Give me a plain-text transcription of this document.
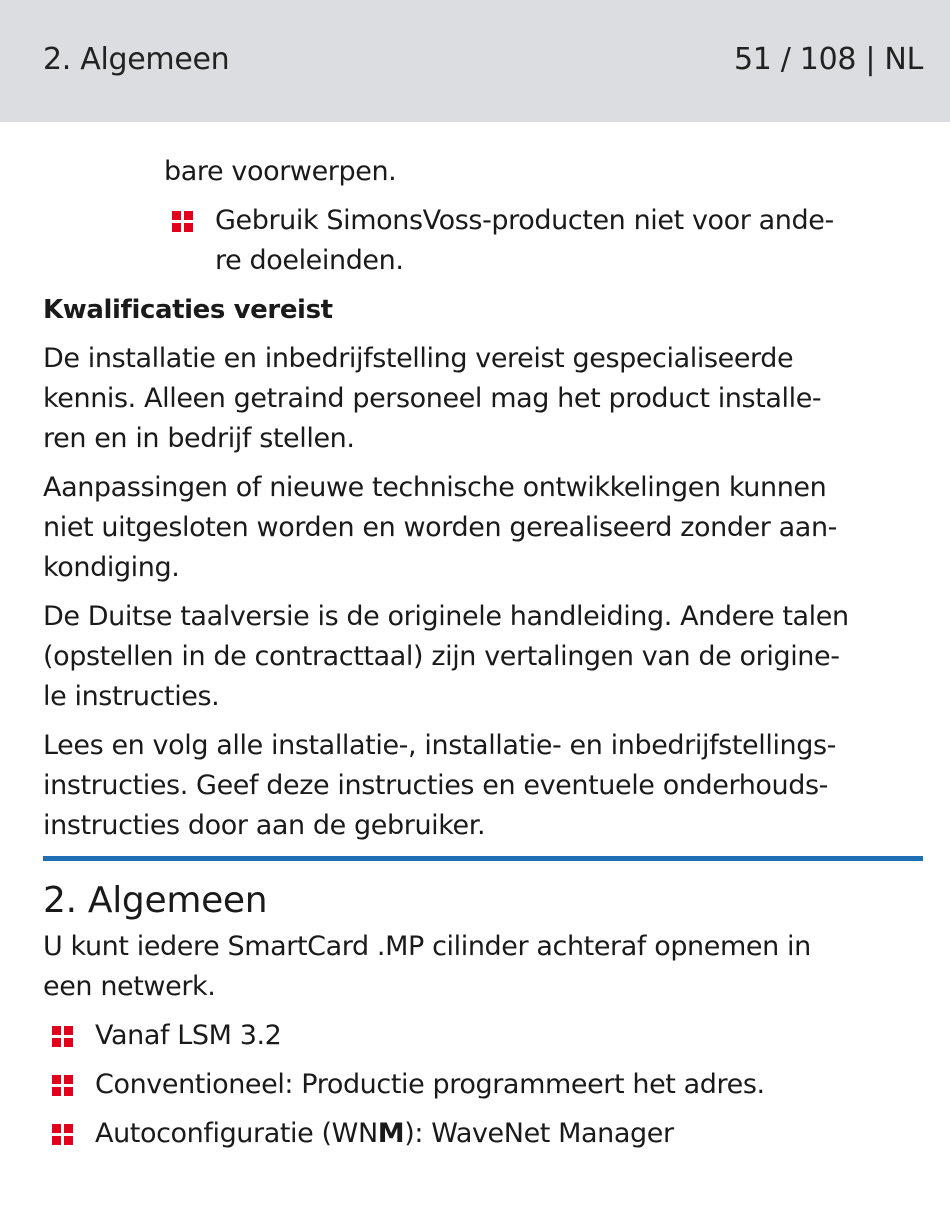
2. Algemeen	51 / 108 | NL
bare voorwerpen.
Gebruik SimonsVoss-producten niet voor ande-
re doeleinden.
Kwalificaties vereist
De installatie en inbedrijfstelling vereist gespecialiseerde
kennis. Alleen getraind personeel mag het product installe-
ren en in bedrijf stellen.
Aanpassingen of nieuwe technische ontwikkelingen kunnen
niet uitgesloten worden en worden gerealiseerd zonder aan-
kondiging.
De Duitse taalversie is de originele handleiding. Andere talen
(opstellen in de contracttaal) zijn vertalingen van de origine-
le instructies.
Lees en volg alle installatie-, installatie- en inbedrijfstellings-
instructies. Geef deze instructies en eventuele onderhouds-
instructies door aan de gebruiker.
2. Algemeen
U kunt iedere SmartCard .MP cilinder achteraf opnemen in
een netwerk.
Vanaf LSM 3.2
Conventioneel: Productie programmeert het adres.
Autoconfiguratie (WNM): WaveNet Manager
